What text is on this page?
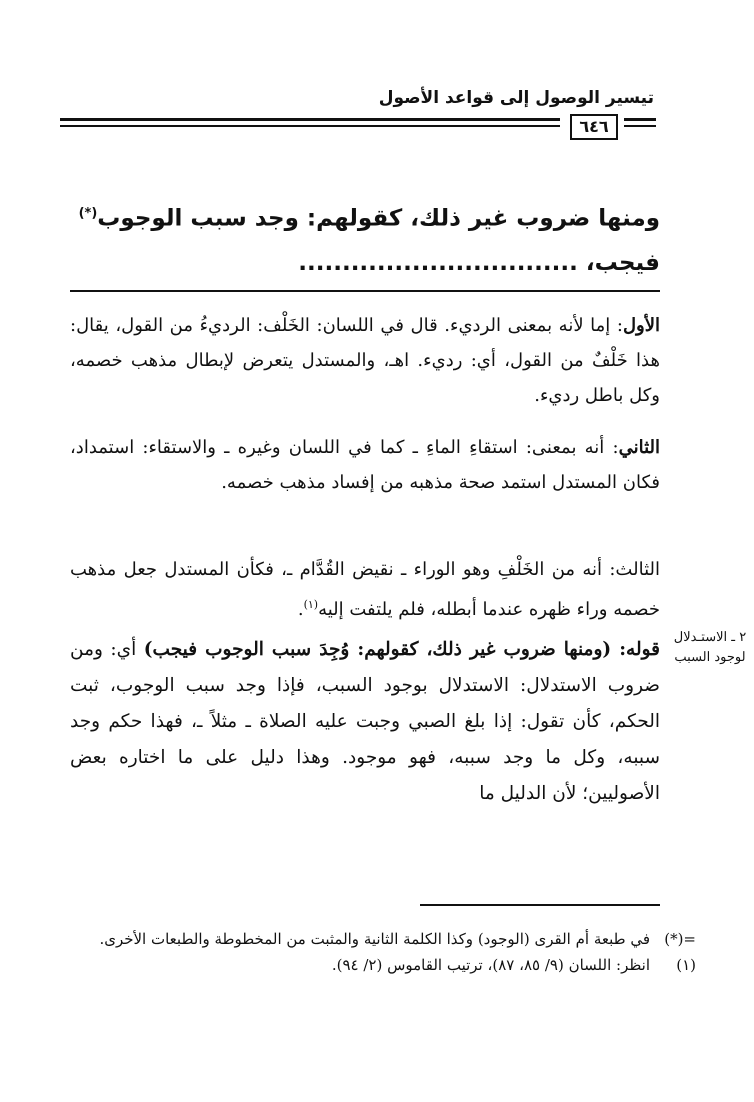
تيسير الوصول إلى قواعد الأصول
٦٤٦
ومنها ضروب غير ذلك، كقولهم: وجد سبب الوجوب(*)
فيجب، ................................
الأول: إما لأنه بمعنى الرديء. قال في اللسان: الخَلْف: الرديءُ من القول، يقال: هذا خَلْفٌ من القول، أي: رديء. اهـ، والمستدل يتعرض لإبطال مذهب خصمه، وكل باطل رديء.
الثاني: أنه بمعنى: استقاءِ الماءِ ـ كما في اللسان وغيره ـ والاستقاء: استمداد، فكان المستدل استمد صحة مذهبه من إفساد مذهب خصمه.
الثالث: أنه من الخَلْفِ وهو الوراء ـ نقيض القُدَّام ـ، فكأن المستدل جعل مذهب خصمه وراء ظهره عندما أبطله، فلم يلتفت إليه$^{(١)}$.
٢ ـ الاستـدلال
لوجود السبب
قوله: (ومنها ضروب غير ذلك، كقولهم: وُجِدَ سبب الوجوب فيجب) أي: ومن ضروب الاستدلال: الاستدلال بوجود السبب، فإذا وجد سبب الوجوب، ثبت الحكم، كأن تقول: إذا بلغ الصبي وجبت عليه الصلاة ـ مثلاً ـ، فهذا حكم وجد سببه، وكل ما وجد سببه، فهو موجود. وهذا دليل على ما اختاره بعض الأصوليين؛ لأن الدليل ما
=(*)
في طبعة أم القرى (الوجود) وكذا الكلمة الثانية والمثبت من المخطوطة والطبعات الأخرى.
(١)
انظر: اللسان (٩/ ٨٥، ٨٧)، ترتيب القاموس (٢/ ٩٤).
